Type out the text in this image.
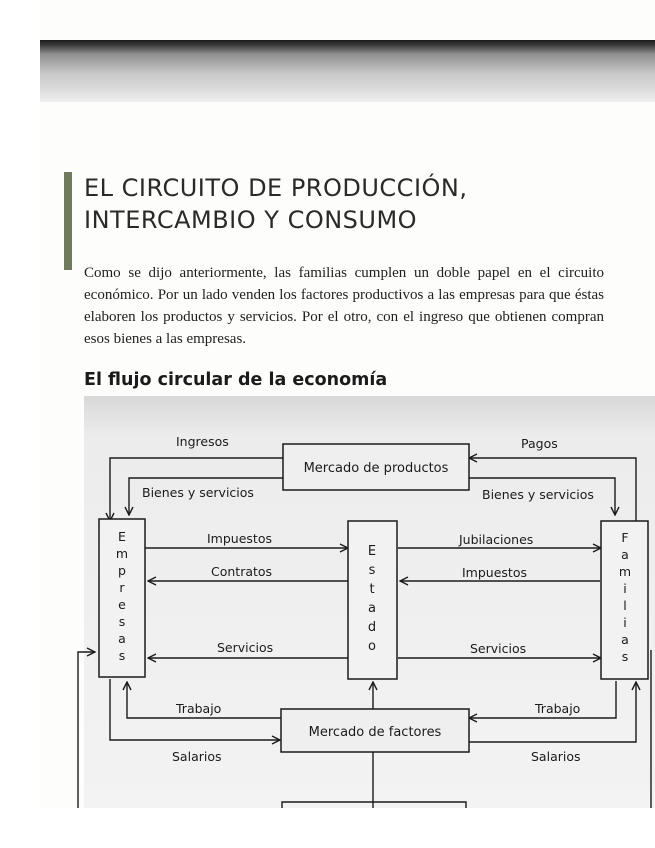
EL CIRCUITO DE PRODUCCIÓN,
INTERCAMBIO Y CONSUMO

Como se dijo anteriormente, las familias cumplen un doble papel en el circuito económico. Por un lado venden los factores productivos a las empresas para que éstas elaboren los productos y servicios. Por el otro, con el ingreso que obtienen compran esos bienes a las empresas.

El flujo circular de la economía
Mercado de productos
Mercado de factores
E
m
p
r
e
s
a
s
E
s
t
a
d
o
F
a
m
i
l
i
a
s
Ingresos	Pagos
Bienes y servicios	Bienes y servicios
Impuestos
Contratos
Servicios
Jubilaciones
Impuestos
Servicios
Trabajo
Salarios
Trabajo
Salarios
